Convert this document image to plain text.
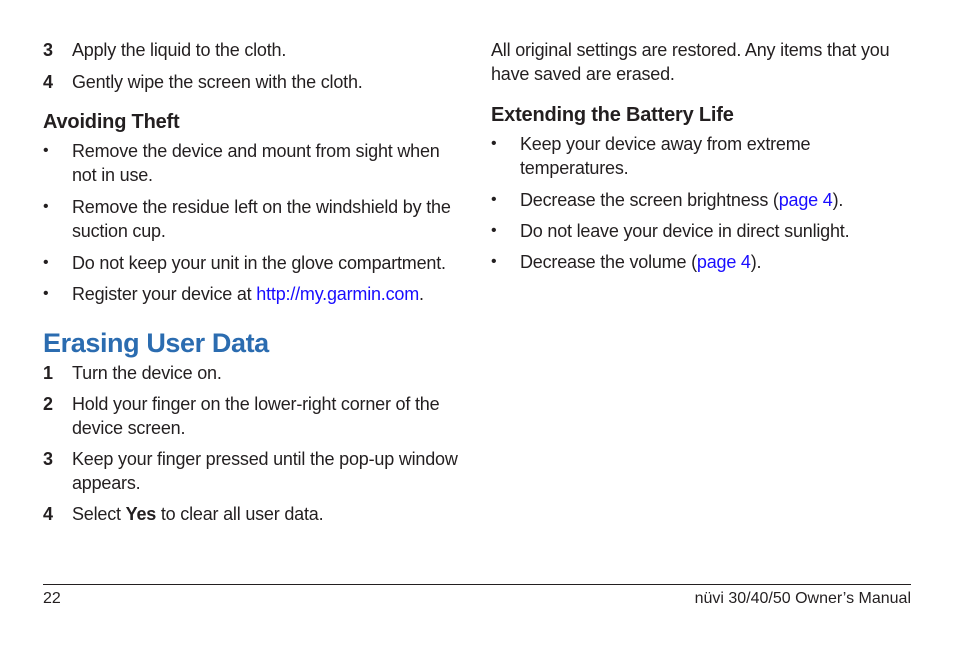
3 Apply the liquid to the cloth.
4 Gently wipe the screen with the cloth.
Avoiding Theft
• Remove the device and mount from sight when not in use.
• Remove the residue left on the windshield by the suction cup.
• Do not keep your unit in the glove compartment.
• Register your device at http://my.garmin.com.
Erasing User Data
1 Turn the device on.
2 Hold your finger on the lower-right corner of the device screen.
3 Keep your finger pressed until the pop-up window appears.
4 Select Yes to clear all user data.
All original settings are restored. Any items that you have saved are erased.
Extending the Battery Life
• Keep your device away from extreme temperatures.
• Decrease the screen brightness (page 4).
• Do not leave your device in direct sunlight.
• Decrease the volume (page 4).
22	nüvi 30/40/50 Owner’s Manual
